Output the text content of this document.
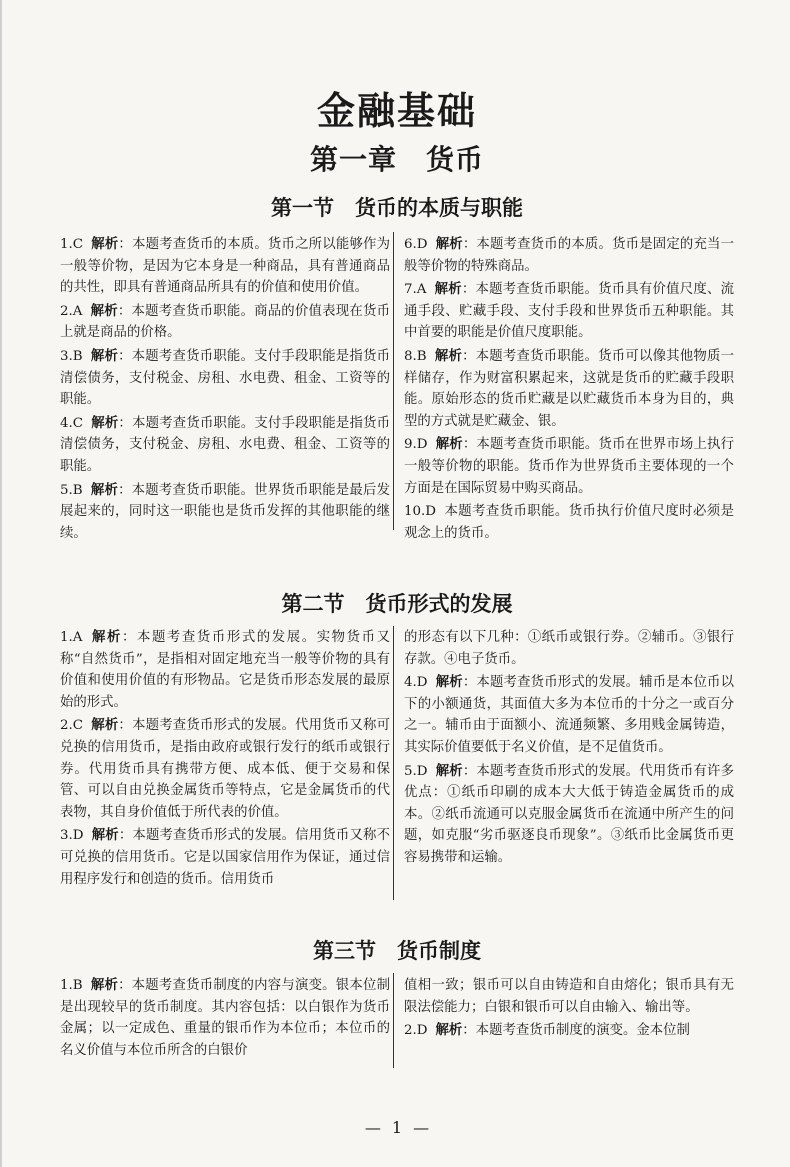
金融基础
第一章　货币
第一节　货币的本质与职能

1.C 解析：本题考查货币的本质。货币之所以能够作为一般等价物，是因为它本身是一种商品，具有普通商品的共性，即具有普通商品所具有的价值和使用价值。

2.A 解析：本题考查货币职能。商品的价值表现在货币上就是商品的价格。

3.B 解析：本题考查货币职能。支付手段职能是指货币清偿债务，支付税金、房租、水电费、租金、工资等的职能。

4.C 解析：本题考查货币职能。支付手段职能是指货币清偿债务，支付税金、房租、水电费、租金、工资等的职能。

5.B 解析：本题考查货币职能。世界货币职能是最后发展起来的，同时这一职能也是货币发挥的其他职能的继续。

6.D 解析：本题考查货币的本质。货币是固定的充当一般等价物的特殊商品。

7.A 解析：本题考查货币职能。货币具有价值尺度、流通手段、贮藏手段、支付手段和世界货币五种职能。其中首要的职能是价值尺度职能。

8.B 解析：本题考查货币职能。货币可以像其他物质一样储存，作为财富积累起来，这就是货币的贮藏手段职能。原始形态的货币贮藏是以贮藏货币本身为目的，典型的方式就是贮藏金、银。

9.D 解析：本题考查货币职能。货币在世界市场上执行一般等价物的职能。货币作为世界货币主要体现的一个方面是在国际贸易中购买商品。

10.D 本题考查货币职能。货币执行价值尺度时必须是观念上的货币。

第二节　货币形式的发展

1.A 解析：本题考查货币形式的发展。实物货币又称“自然货币”，是指相对固定地充当一般等价物的具有价值和使用价值的有形物品。它是货币形态发展的最原始的形式。

2.C 解析：本题考查货币形式的发展。代用货币又称可兑换的信用货币，是指由政府或银行发行的纸币或银行券。代用货币具有携带方便、成本低、便于交易和保管、可以自由兑换金属货币等特点，它是金属货币的代表物，其自身价值低于所代表的价值。

3.D 解析：本题考查货币形式的发展。信用货币又称不可兑换的信用货币。它是以国家信用作为保证，通过信用程序发行和创造的货币。信用货币

的形态有以下几种：①纸币或银行券。②辅币。③银行存款。④电子货币。

4.D 解析：本题考查货币形式的发展。辅币是本位币以下的小额通货，其面值大多为本位币的十分之一或百分之一。辅币由于面额小、流通频繁、多用贱金属铸造，其实际价值要低于名义价值，是不足值货币。

5.D 解析：本题考查货币形式的发展。代用货币有许多优点：①纸币印刷的成本大大低于铸造金属货币的成本。②纸币流通可以克服金属货币在流通中所产生的问题，如克服“劣币驱逐良币现象”。③纸币比金属货币更容易携带和运输。

第三节　货币制度

1.B 解析：本题考查货币制度的内容与演变。银本位制是出现较早的货币制度。其内容包括：以白银作为货币金属；以一定成色、重量的银币作为本位币；本位币的名义价值与本位币所含的白银价

值相一致；银币可以自由铸造和自由熔化；银币具有无限法偿能力；白银和银币可以自由输入、输出等。

2.D 解析：本题考查货币制度的演变。金本位制

— 1 —
